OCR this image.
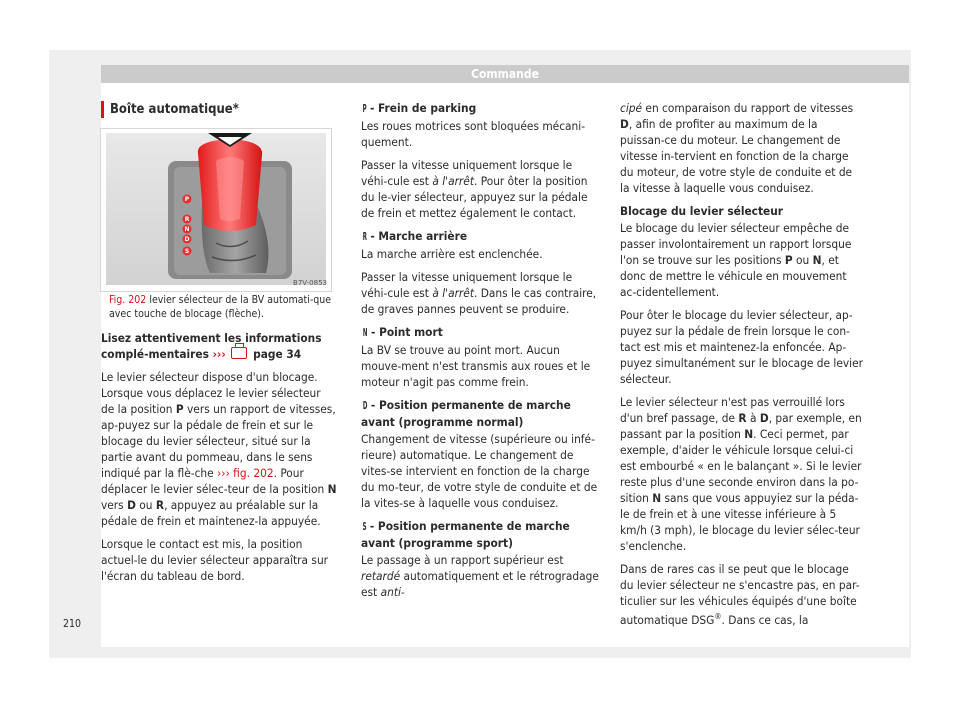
Commande
Boîte automatique*
P
R
N
D
S
B7V-0853
Fig. 202 levier sélecteur de la BV automati-que avec touche de blocage (flèche).

Lisez attentivement les informations complé-mentaires ››› page 34

Le levier sélecteur dispose d'un blocage. Lorsque vous déplacez le levier sélecteur de la position P vers un rapport de vitesses, ap-puyez sur la pédale de frein et sur le blocage du levier sélecteur, situé sur la partie avant du pommeau, dans le sens indiqué par la flè-che ››› fig. 202. Pour déplacer le levier sélec-teur de la position N vers D ou R, appuyez au préalable sur la pédale de frein et maintenez-la appuyée.

Lorsque le contact est mis, la position actuel-le du levier sélecteur apparaîtra sur l'écran du tableau de bord.

P - Frein de parking

Les roues motrices sont bloquées mécani-quement.

Passer la vitesse uniquement lorsque le véhi-cule est à l'arrêt. Pour ôter la position du le-vier sélecteur, appuyez sur la pédale de frein et mettez également le contact.

R - Marche arrière

La marche arrière est enclenchée.

Passer la vitesse uniquement lorsque le véhi-cule est à l'arrêt. Dans le cas contraire, de graves pannes peuvent se produire.

N - Point mort

La BV se trouve au point mort. Aucun mouve-ment n'est transmis aux roues et le moteur n'agit pas comme frein.

D - Position permanente de marche avant (programme normal)

Changement de vitesse (supérieure ou infé-rieure) automatique. Le changement de vites-se intervient en fonction de la charge du mo-teur, de votre style de conduite et de la vites-se à laquelle vous conduisez.

S - Position permanente de marche avant (programme sport)

Le passage à un rapport supérieur est retardé automatiquement et le rétrogradage est anti-

cipé en comparaison du rapport de vitesses D, afin de profiter au maximum de la puissan-ce du moteur. Le changement de vitesse in-tervient en fonction de la charge du moteur, de votre style de conduite et de la vitesse à laquelle vous conduisez.

Blocage du levier sélecteur

Le blocage du levier sélecteur empêche de passer involontairement un rapport lorsque l'on se trouve sur les positions P ou N, et donc de mettre le véhicule en mouvement ac-cidentellement.

Pour ôter le blocage du levier sélecteur, ap-puyez sur la pédale de frein lorsque le con-tact est mis et maintenez-la enfoncée. Ap-puyez simultanément sur le blocage de levier sélecteur.

Le levier sélecteur n'est pas verrouillé lors d'un bref passage, de R à D, par exemple, en passant par la position N. Ceci permet, par exemple, d'aider le véhicule lorsque celui-ci est embourbé « en le balançant ». Si le levier reste plus d'une seconde environ dans la po-sition N sans que vous appuyiez sur la péda-le de frein et à une vitesse inférieure à 5 km/h (3 mph), le blocage du levier sélec-teur s'enclenche.

Dans de rares cas il se peut que le blocage du levier sélecteur ne s'encastre pas, en par-ticulier sur les véhicules équipés d'une boîte automatique DSG®. Dans ce cas, la

210
